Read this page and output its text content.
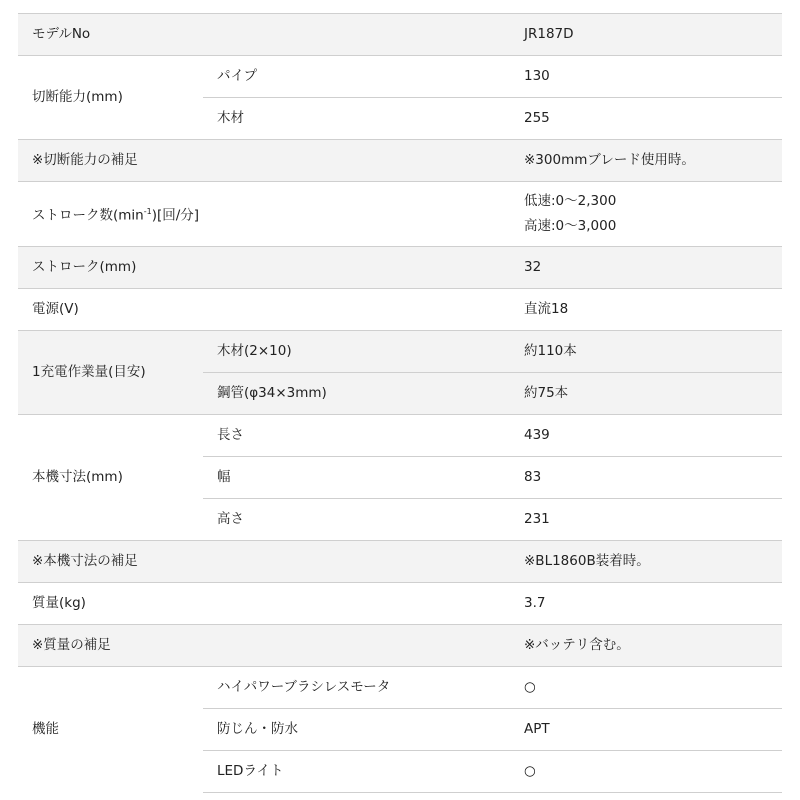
モデルNo		JR187D
切断能力(mm)	パイプ	130
	木材	255
※切断能力の補足		※300mmブレード使用時。
ストローク数$(\min^{-1})$[回/分]		低速:0〜2,300
高速:0〜3,000

ストローク(mm)		32
電源(V)		直流18
1充電作業量(目安)	木材(2×10)	約110本
	鋼管(φ34×3mm)	約75本
本機寸法(mm)	長さ	439
	幅	83
	高さ	231
※本機寸法の補足		※BL1860B装着時。
質量(kg)		3.7
※質量の補足		※バッテリ含む。
機能	ハイパワーブラシレスモータ	○
	防じん・防水	APT
	LEDライト	○
